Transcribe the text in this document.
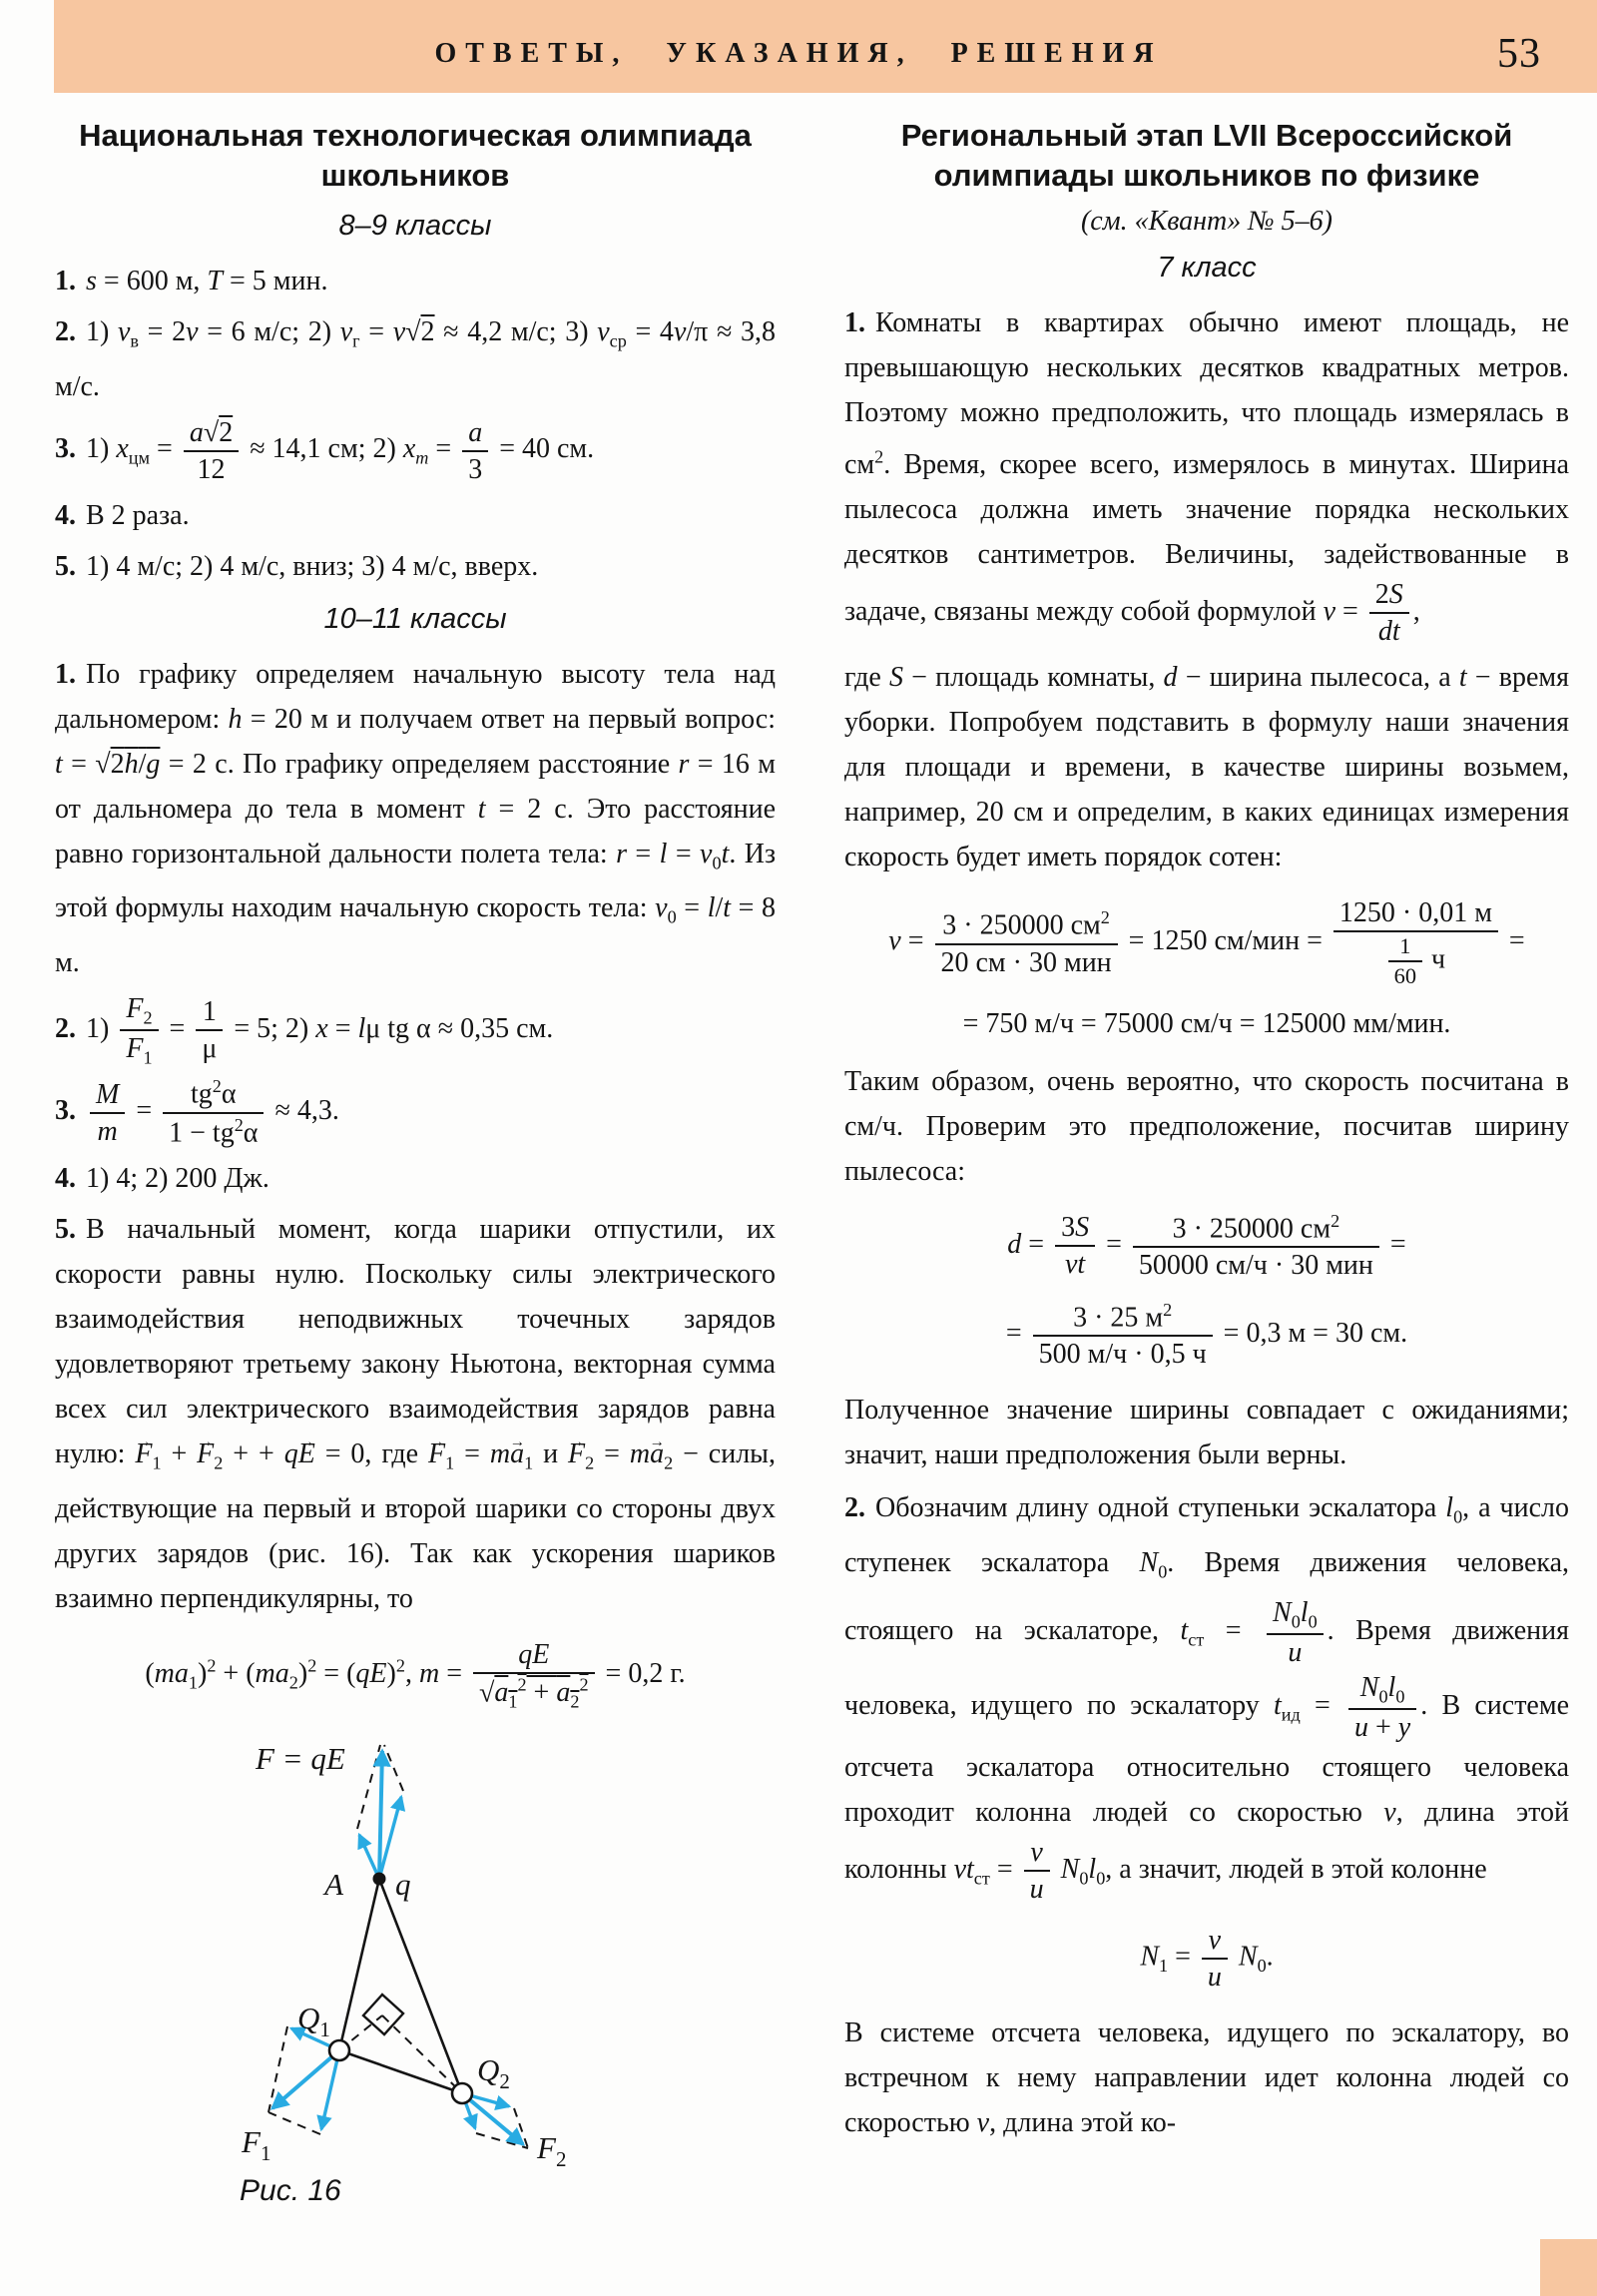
ОТВЕТЫ, УКАЗАНИЯ, РЕШЕНИЯ	53
Национальная технологическая олимпиада школьников
8–9 классы

1. s = 600 м, T = 5 мин.

2. 1) $v_в = 2v = 6$ м/с; 2) $v_г = v√2 \approx 4,2$ м/с; 3) $v_{ср} = 4v/\pi \approx 3,8$ м/с.

3. 1) $x_{цм} = \frac{a√2}{12} \approx 14,1$ см; 2) $x_m = \frac{a}{3} = 40$ см.

4. В 2 раза.

5. 1) 4 м/с; 2) 4 м/с, вниз; 3) 4 м/с, вверх.

10–11 классы

1. По графику определяем начальную высоту тела над дальномером: h = 20 м и получаем ответ на первый вопрос: t = √2h/g = 2 с. По графику определяем расстояние r = 16 м от дальномера до тела в момент t = 2 с. Это расстояние равно горизонтальной дальности полета тела: $r = l = v_0t$. Из этой формулы находим начальную скорость тела: $v_0 = l/t = 8$ м.

2. $1) \frac{F_2}{F_1} = \frac{1}{\mu} = 5$; 2) x = lμ tg α ≈ 0,35 см.

3. $\frac{M}{m} = \frac{tg^2\alpha}{1 - tg^2\alpha} \approx 4,3$.

4. 1) 4; 2) 200 Дж.

5. В начальный момент, когда шарики отпустили, их скорости равны нулю. Поскольку силы электрического взаимодействия неподвижных точечных зарядов удовлетворяют третьему закону Ньютона, векторная сумма всех сил электрического взаимодействия зарядов равна нулю: $F \to_1 + F \to_2$ + + qE → = 0, где $F \to_1$ = ma $\to_1$ и $F \to_2$ = ma $\to_2$ − силы, действующие на первый и второй шарики со стороны двух других зарядов (рис. 16). Так как ускорения шариков взаимно перпендикулярны, то

$(ma_1)^2 + (ma_2)^2 = (qE)^2$, $m = \frac{qE}{√a_1^2 + a_2^2} = 0,2$ г.
F = qE
A q
$Q_1$
$Q_2$
$F_1$	$F_2$
Рис. 16
Региональный этап LVII Всероссийской олимпиады школьников по физике
(см. «Квант» № 5–6)
7 класс

1. Комнаты в квартирах обычно имеют площадь, не превышающую нескольких десятков квадратных метров. Поэтому можно предположить, что площадь измерялась в $см^2$. Время, скорее всего, измерялось в минутах. Ширина пылесоса должна иметь значение порядка нескольких десятков сантиметров. Величины, задействованные в задаче, связаны между собой формулой $v = \frac{2S}{dt}$ ,

где S − площадь комнаты, d − ширина пылесоса, а t − время уборки. Попробуем подставить в формулу наши значения для площади и времени, в качестве ширины возьмем, например, 20 см и определим, в каких единицах измерения скорость будет иметь порядок сотен:

v =
3 · 250000 $см^2$
20 см · 30 мин
= 1250 см/мин =
1250 · 0,01 м
$\frac{1}{60}$ ч
=
= 750 м/ч = 75000 см/ч = 125000 мм/мин.

Таким образом, очень вероятно, что скорость посчитана в см/ч. Проверим это предположение, посчитав ширину пылесоса:

$d = \frac{3S}{vt}$ =
3 · 250000 $см^2$
50000 см/ч · 30 мин
=
=
3 · 25 $м^2$
500 м/ч · 0,5 ч
= 0,3 м = 30 см.

Полученное значение ширины совпадает с ожиданиями; значит, наши предположения были верны.

2. Обозначим длину одной ступеньки эскалатора $l_0$, а число ступенек эскалатора $N_0$. Время движения человека, стоящего на эскалаторе, $t_{ст} = \frac{N_0l_0}{u}$ . Время движения человека, идущего по эскалатору $t_{ид} = \frac{N_0l_0}{u + y}$ . В системе отсчета эскалатора относительно стоящего человека проходит колонна людей со скоростью v, длина этой колонны $vt_{ст} = \frac{v}{u} N_0l_0$, а значит, людей в этой колонне

$N_1 = \frac{v}{u} N_0$.

В системе отсчета человека, идущего по эскалатору, во встречном к нему направлении идет колонна людей со скоростью v, длина этой ко-
